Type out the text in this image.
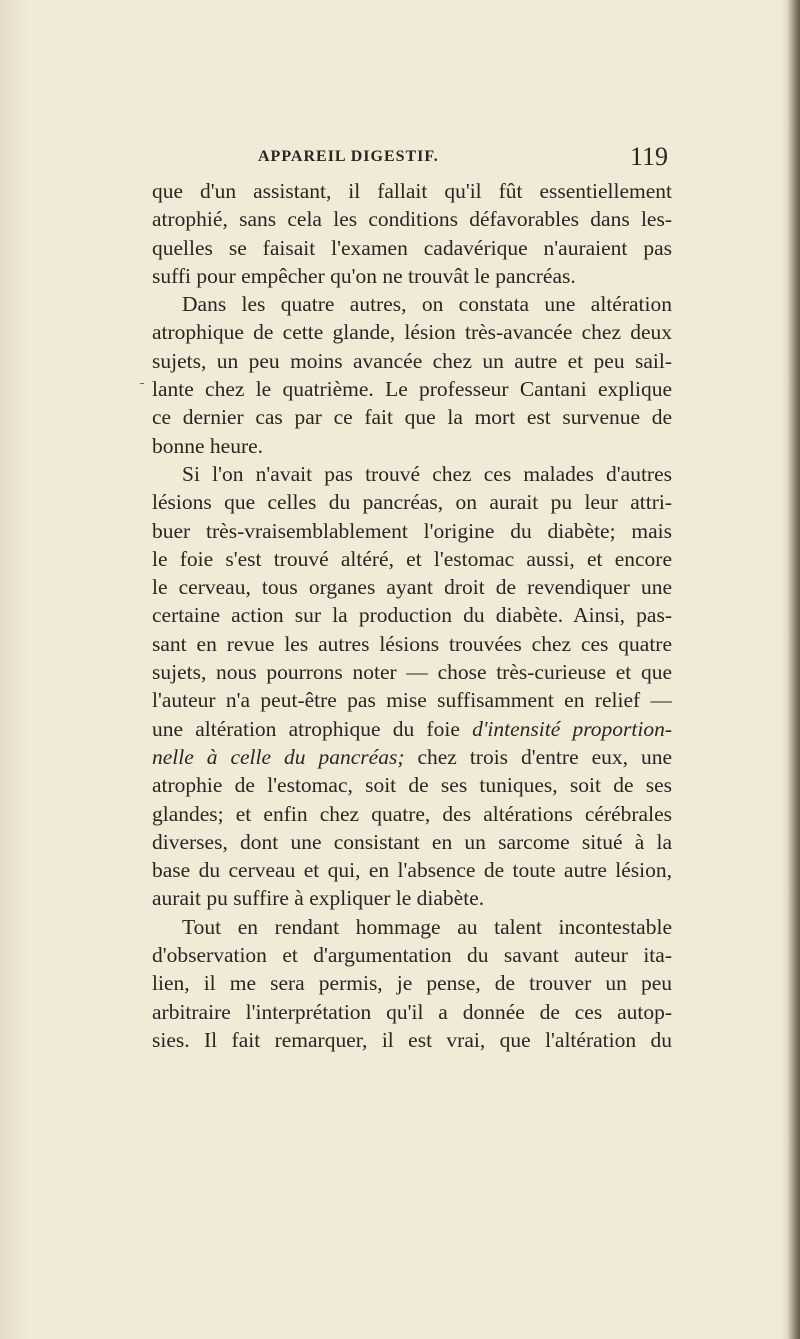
APPAREIL DIGESTIF.	119
que d'un assistant, il fallait qu'il fût essentiellement
atrophié, sans cela les conditions défavorables dans les-
quelles se faisait l'examen cadavérique n'auraient pas
suffi pour empêcher qu'on ne trouvât le pancréas.
Dans les quatre autres, on constata une altération
atrophique de cette glande, lésion très-avancée chez deux
sujets, un peu moins avancée chez un autre et peu sail-
lante chez le quatrième. Le professeur Cantani explique
ce dernier cas par ce fait que la mort est survenue de
bonne heure.
Si l'on n'avait pas trouvé chez ces malades d'autres
lésions que celles du pancréas, on aurait pu leur attri-
buer très-vraisemblablement l'origine du diabète; mais
le foie s'est trouvé altéré, et l'estomac aussi, et encore
le cerveau, tous organes ayant droit de revendiquer une
certaine action sur la production du diabète. Ainsi, pas-
sant en revue les autres lésions trouvées chez ces quatre
sujets, nous pourrons noter — chose très-curieuse et que
l'auteur n'a peut-être pas mise suffisamment en relief —
une altération atrophique du foie d'intensité proportion-
nelle à celle du pancréas; chez trois d'entre eux, une
atrophie de l'estomac, soit de ses tuniques, soit de ses
glandes; et enfin chez quatre, des altérations cérébrales
diverses, dont une consistant en un sarcome situé à la
base du cerveau et qui, en l'absence de toute autre lésion,
aurait pu suffire à expliquer le diabète.
Tout en rendant hommage au talent incontestable
d'observation et d'argumentation du savant auteur ita-
lien, il me sera permis, je pense, de trouver un peu
arbitraire l'interprétation qu'il a donnée de ces autop-
sies. Il fait remarquer, il est vrai, que l'altération du
